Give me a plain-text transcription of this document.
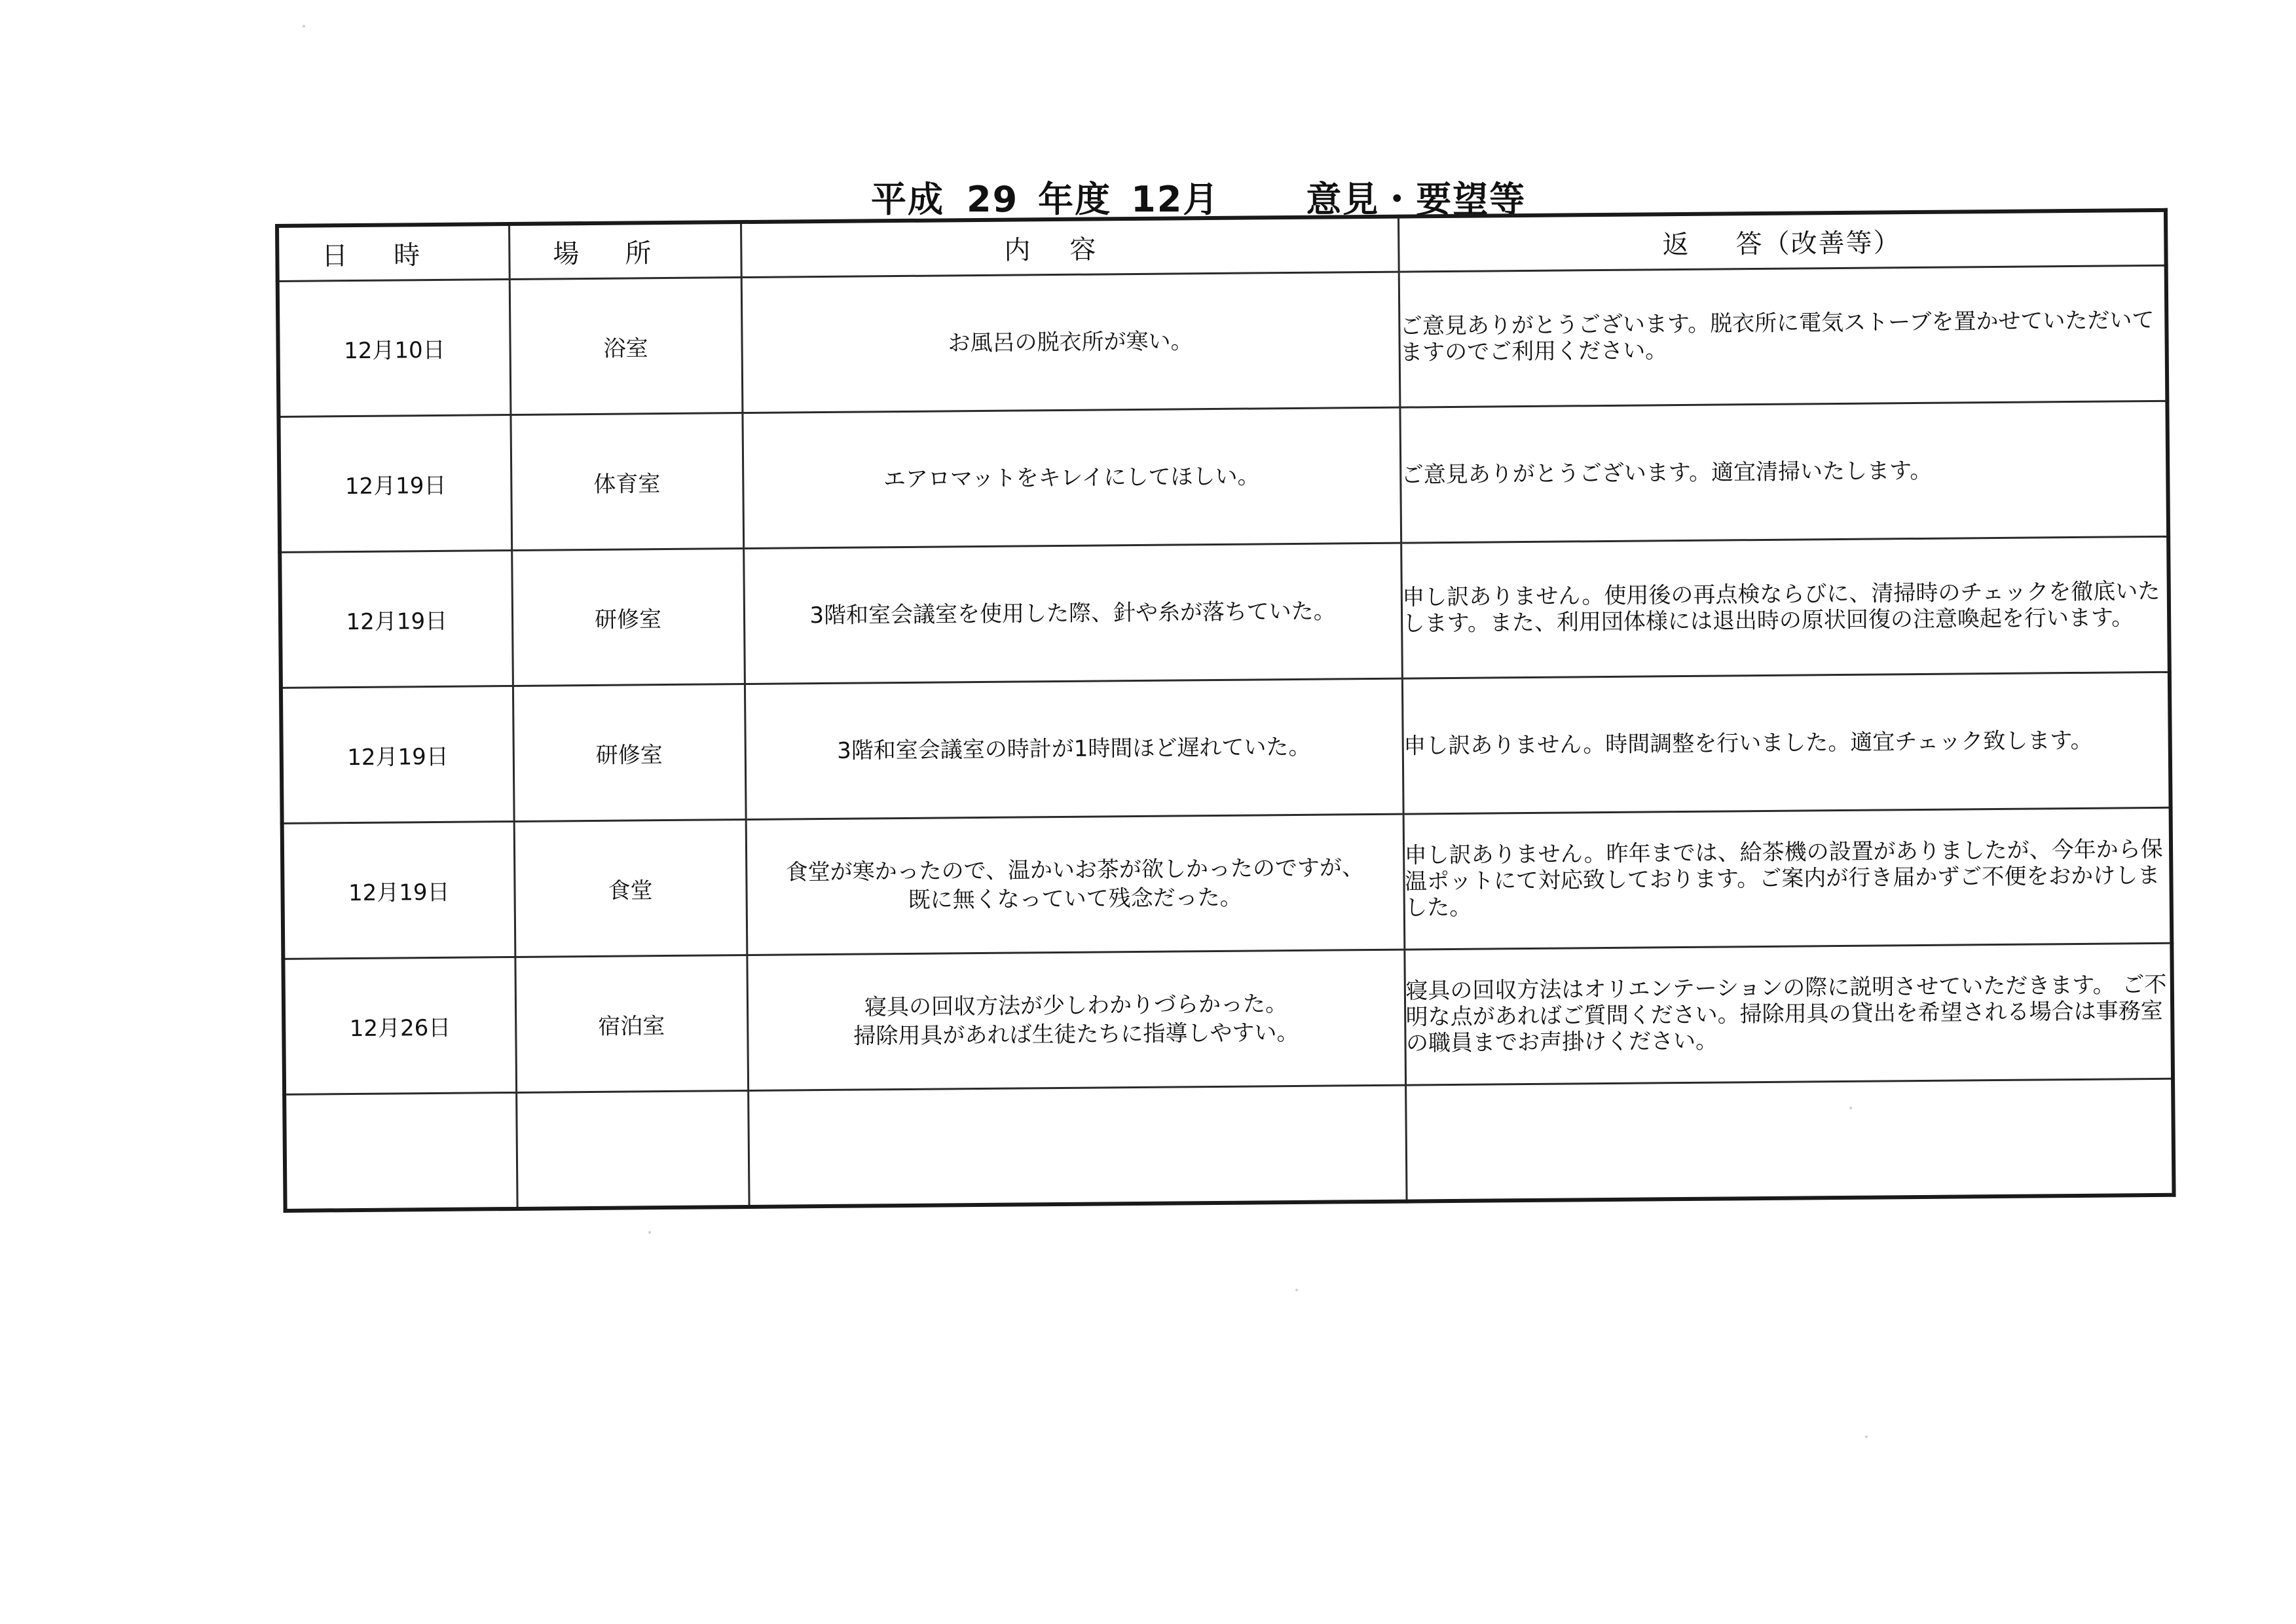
平成 29 年度 12月 意見・要望等
日時	場所	内容	返 答（改善等）
12月10日	浴室	お風呂の脱衣所が寒い。	ご意見ありがとうございます。脱衣所に電気ストーブを置かせていただいてますのでご利用ください。

12月19日	体育室	エアロマットをキレイにしてほしい。	ご意見ありがとうございます。適宜清掃いたします。

12月19日	研修室	3階和室会議室を使用した際、針や糸が落ちていた。	申し訳ありません。使用後の再点検ならびに、清掃時のチェックを徹底いたします。また、利用団体様には退出時の原状回復の注意喚起を行います。

12月19日	研修室	3階和室会議室の時計が1時間ほど遅れていた。	申し訳ありません。時間調整を行いました。適宜チェック致します。

12月19日	食堂	食堂が寒かったので、温かいお茶が欲しかったのですが、
既に無くなっていて残念だった。	申し訳ありません。昨年までは、給茶機の設置がありましたが、今年から保温ポットにて対応致しております。ご案内が行き届かずご不便をおかけしました。

12月26日	宿泊室	寝具の回収方法が少しわかりづらかった。
掃除用具があれば生徒たちに指導しやすい。	寝具の回収方法はオリエンテーションの際に説明させていただきます。 ご不明な点があればご質問ください。掃除用具の貸出を希望される場合は事務室の職員までお声掛けください。
